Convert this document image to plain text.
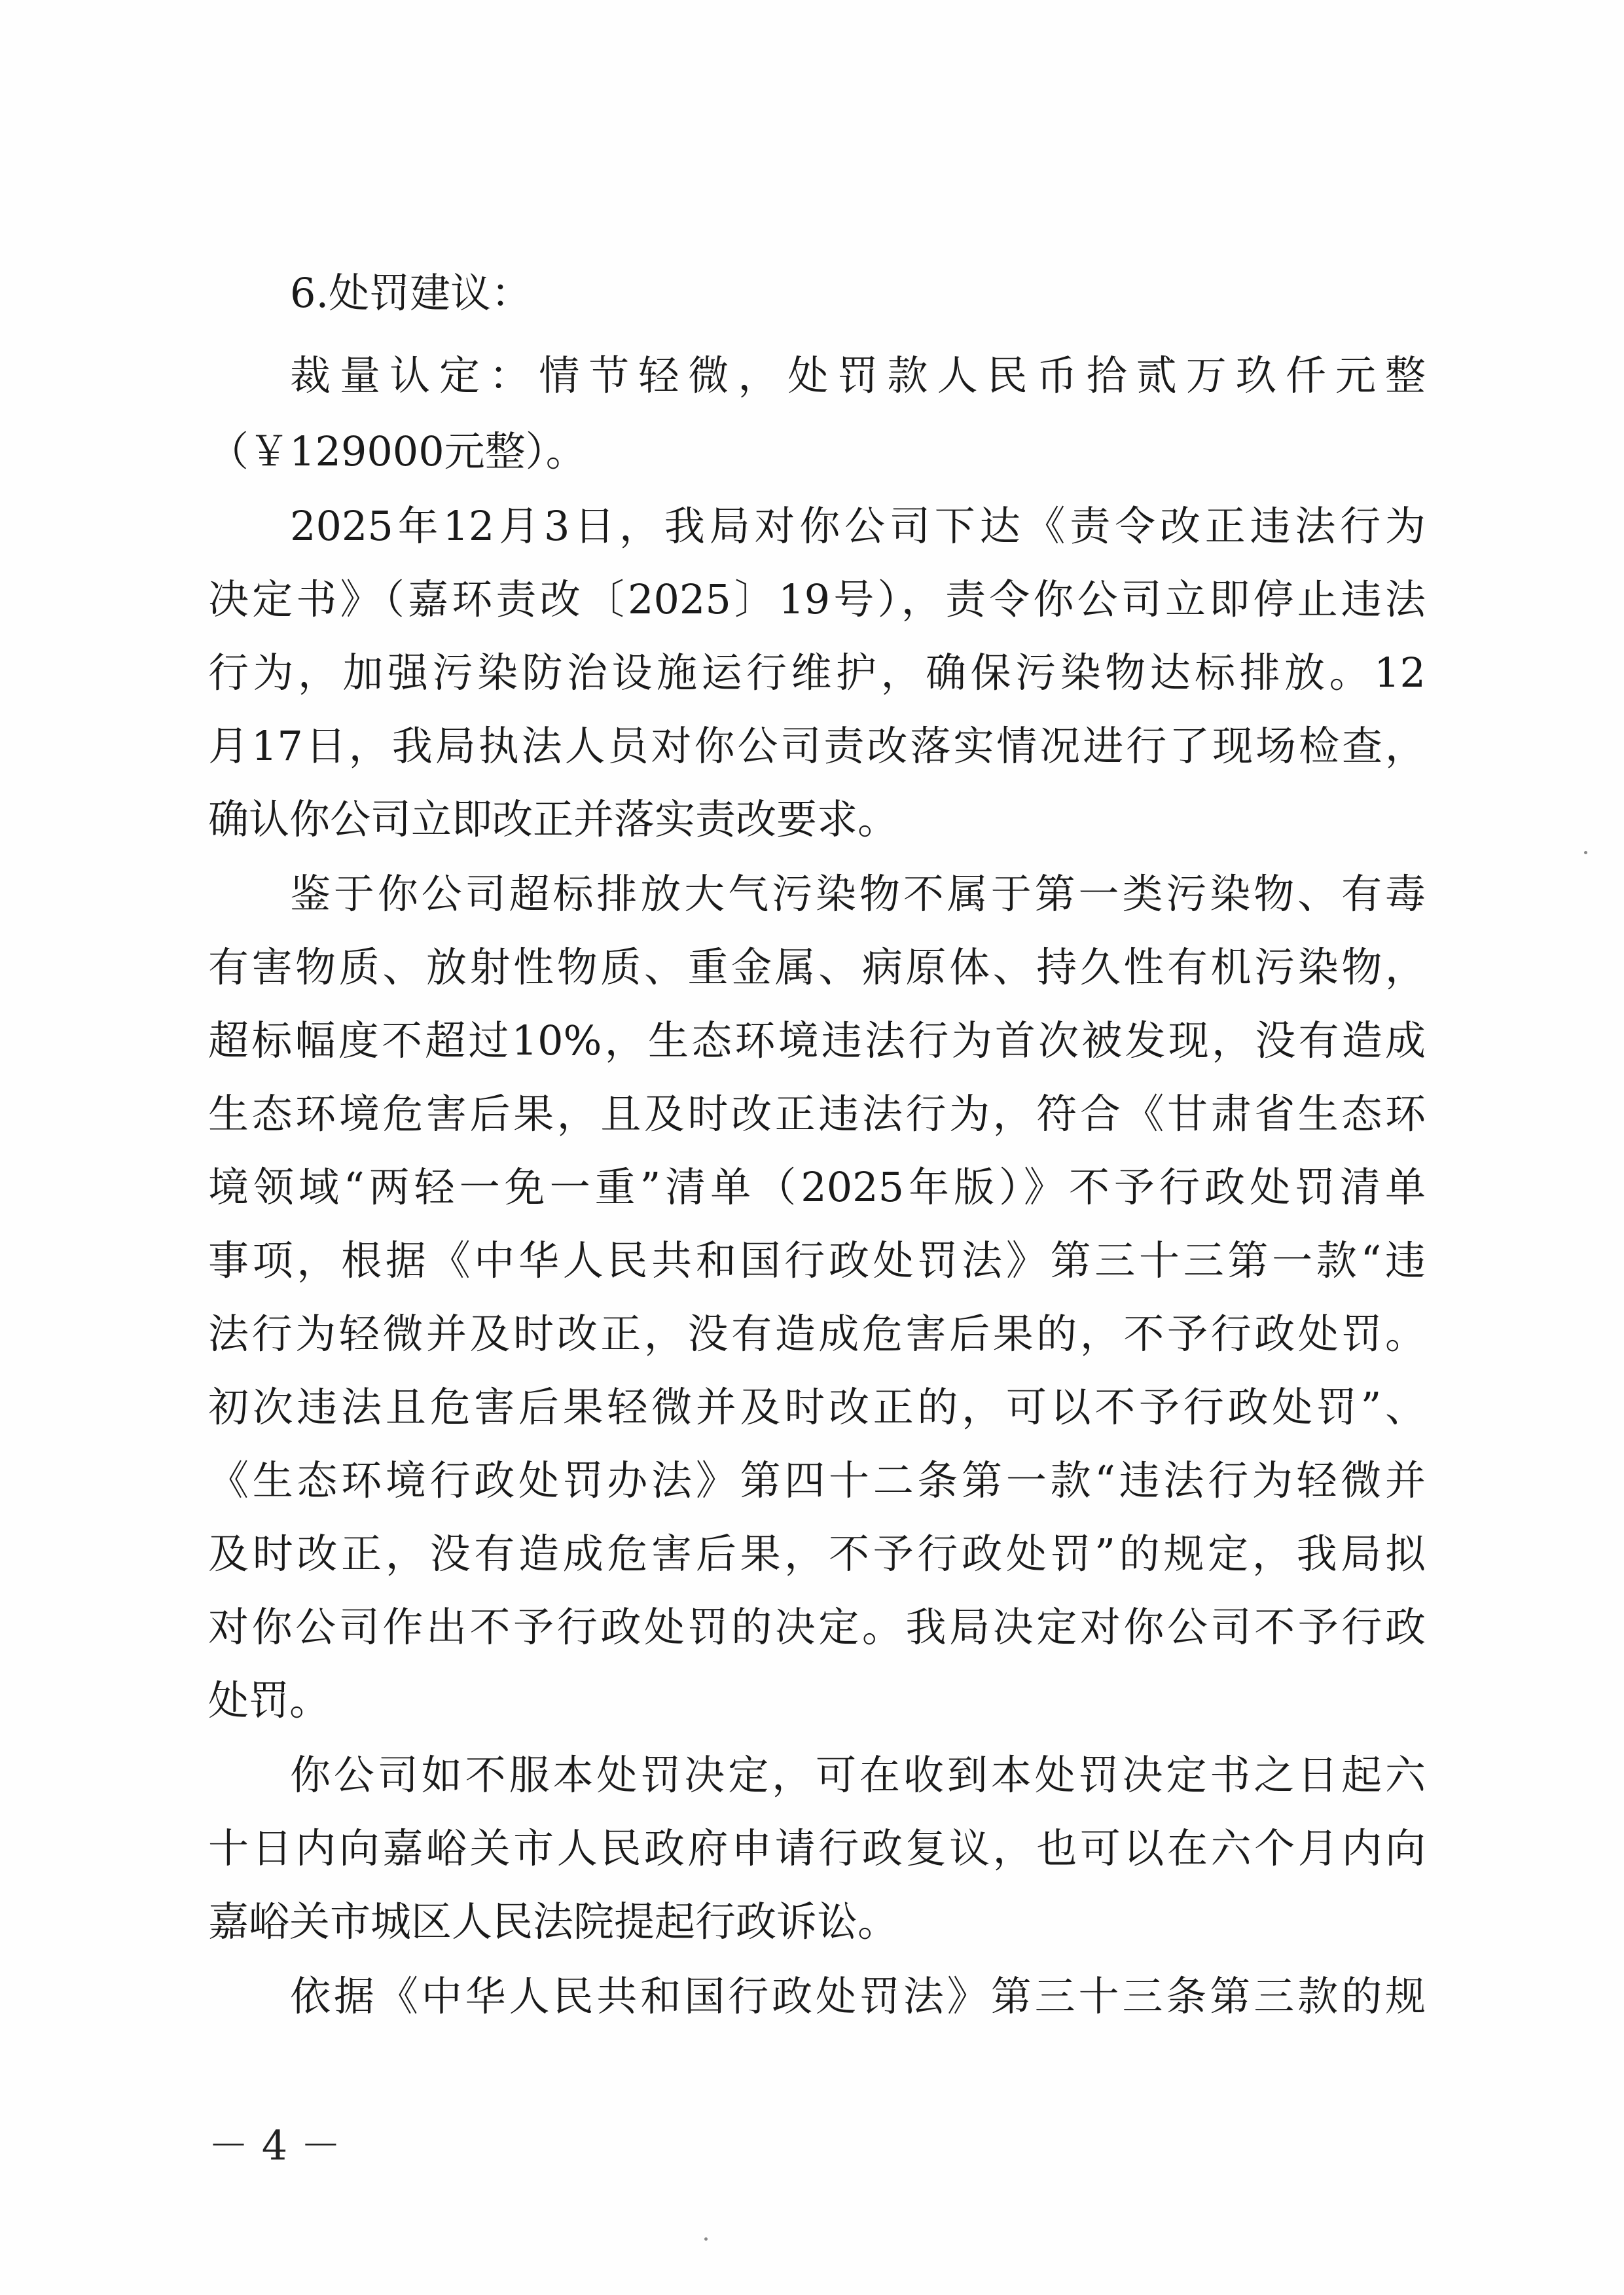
6.处罚建议：
裁量认定：情节轻微，处罚款人民币拾贰万玖仟元整
（￥129000元整）。
2025年12月3日，我局对你公司下达《责令改正违法行为
决定书》（嘉环责改〔2025〕19号），责令你公司立即停止违法
行为，加强污染防治设施运行维护，确保污染物达标排放。12
月17日，我局执法人员对你公司责改落实情况进行了现场检查，
确认你公司立即改正并落实责改要求。
鉴于你公司超标排放大气污染物不属于第一类污染物、有毒
有害物质、放射性物质、重金属、病原体、持久性有机污染物，
超标幅度不超过10%，生态环境违法行为首次被发现，没有造成
生态环境危害后果，且及时改正违法行为，符合《甘肃省生态环
境领域“两轻一免一重”清单（2025年版）》不予行政处罚清单
事项，根据《中华人民共和国行政处罚法》第三十三第一款“违
法行为轻微并及时改正，没有造成危害后果的，不予行政处罚。
初次违法且危害后果轻微并及时改正的，可以不予行政处罚”、
《生态环境行政处罚办法》第四十二条第一款“违法行为轻微并
及时改正，没有造成危害后果，不予行政处罚”的规定，我局拟
对你公司作出不予行政处罚的决定。我局决定对你公司不予行政
处罚。
你公司如不服本处罚决定，可在收到本处罚决定书之日起六
十日内向嘉峪关市人民政府申请行政复议，也可以在六个月内向
嘉峪关市城区人民法院提起行政诉讼。
依据《中华人民共和国行政处罚法》第三十三条第三款的规
－ 4 －
